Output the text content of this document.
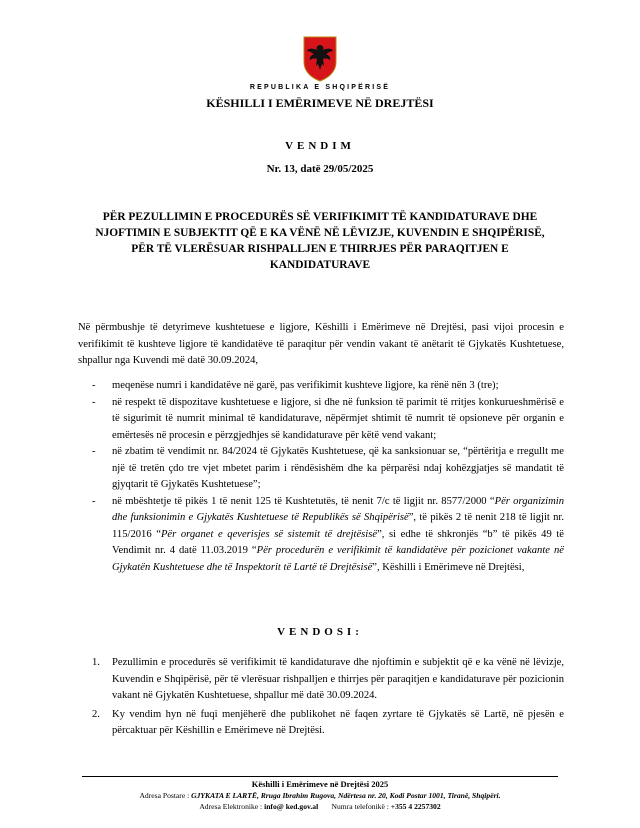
REPUBLIKA E SHQIPËRISË
KËSHILLI I EMËRIMEVE NË DREJTËSI
VENDIM
Nr. 13, datë 29/05/2025
PËR PEZULLIMIN E PROCEDURËS SË VERIFIKIMIT TË KANDIDATURAVE DHE
NJOFTIMIN E SUBJEKTIT QË E KA VËNË NË LËVIZJE, KUVENDIN E SHQIPËRISË,
PËR TË VLERËSUAR RISHPALLJEN E THIRRJES PËR PARAQITJEN E
KANDIDATURAVE
Në përmbushje të detyrimeve kushtetuese e ligjore, Këshilli i Emërimeve në Drejtësi, pasi vijoi procesin e verifikimit të kushteve ligjore të kandidatëve të paraqitur për vendin vakant të anëtarit të Gjykatës Kushtetuese, shpallur nga Kuvendi më datë 30.09.2024,
- meqenëse numri i kandidatëve në garë, pas verifikimit kushteve ligjore, ka rënë nën 3 (tre);
- në respekt të dispozitave kushtetuese e ligjore, si dhe në funksion të parimit të rritjes konkurueshmërisë e të sigurimit të numrit minimal të kandidaturave, nëpërmjet shtimit të numrit të opsioneve për organin e emërtesës në procesin e përzgjedhjes së kandidaturave për këtë vend vakant;
- në zbatim të vendimit nr. 84/2024 të Gjykatës Kushtetuese, që ka sanksionuar se, “përtëritja e rregullt me një të tretën çdo tre vjet mbetet parim i rëndësishëm dhe ka përparësi ndaj kohëzgjatjes së mandatit të gjyqtarit të Gjykatës Kushtetuese”;
- në mbështetje të pikës 1 të nenit 125 të Kushtetutës, të nenit 7/c të ligjit nr. 8577/2000 “Për organizimin dhe funksionimin e Gjykatës Kushtetuese të Republikës së Shqipërisë”, të pikës 2 të nenit 218 të ligjit nr. 115/2016 “Për organet e qeverisjes së sistemit të drejtësisë”, si edhe të shkronjës “b” të pikës 49 të Vendimit nr. 4 datë 11.03.2019 “Për procedurën e verifikimit të kandidatëve për pozicionet vakante në Gjykatën Kushtetuese dhe të Inspektorit të Lartë të Drejtësisë”, Këshilli i Emërimeve në Drejtësi,
VENDOSI:
1. Pezullimin e procedurës së verifikimit të kandidaturave dhe njoftimin e subjektit që e ka vënë në lëvizje, Kuvendin e Shqipërisë, për të vlerësuar rishpalljen e thirrjes për paraqitjen e kandidaturave për pozicionin vakant në Gjykatën Kushtetuese, shpallur më datë 30.09.2024.
2. Ky vendim hyn në fuqi menjëherë dhe publikohet në faqen zyrtare të Gjykatës së Lartë, në pjesën e përcaktuar për Këshillin e Emërimeve në Drejtësi.
Këshilli i Emërimeve në Drejtësi 2025
Adresa Postare : GJYKATA E LARTË, Rruga Ibrahim Rugova, Ndërtesa nr. 20, Kodi Postar 1001, Tiranë, Shqipëri.
Adresa Elektronike : info@ ked.gov.al Numra telefonikë : +355 4 2257302
